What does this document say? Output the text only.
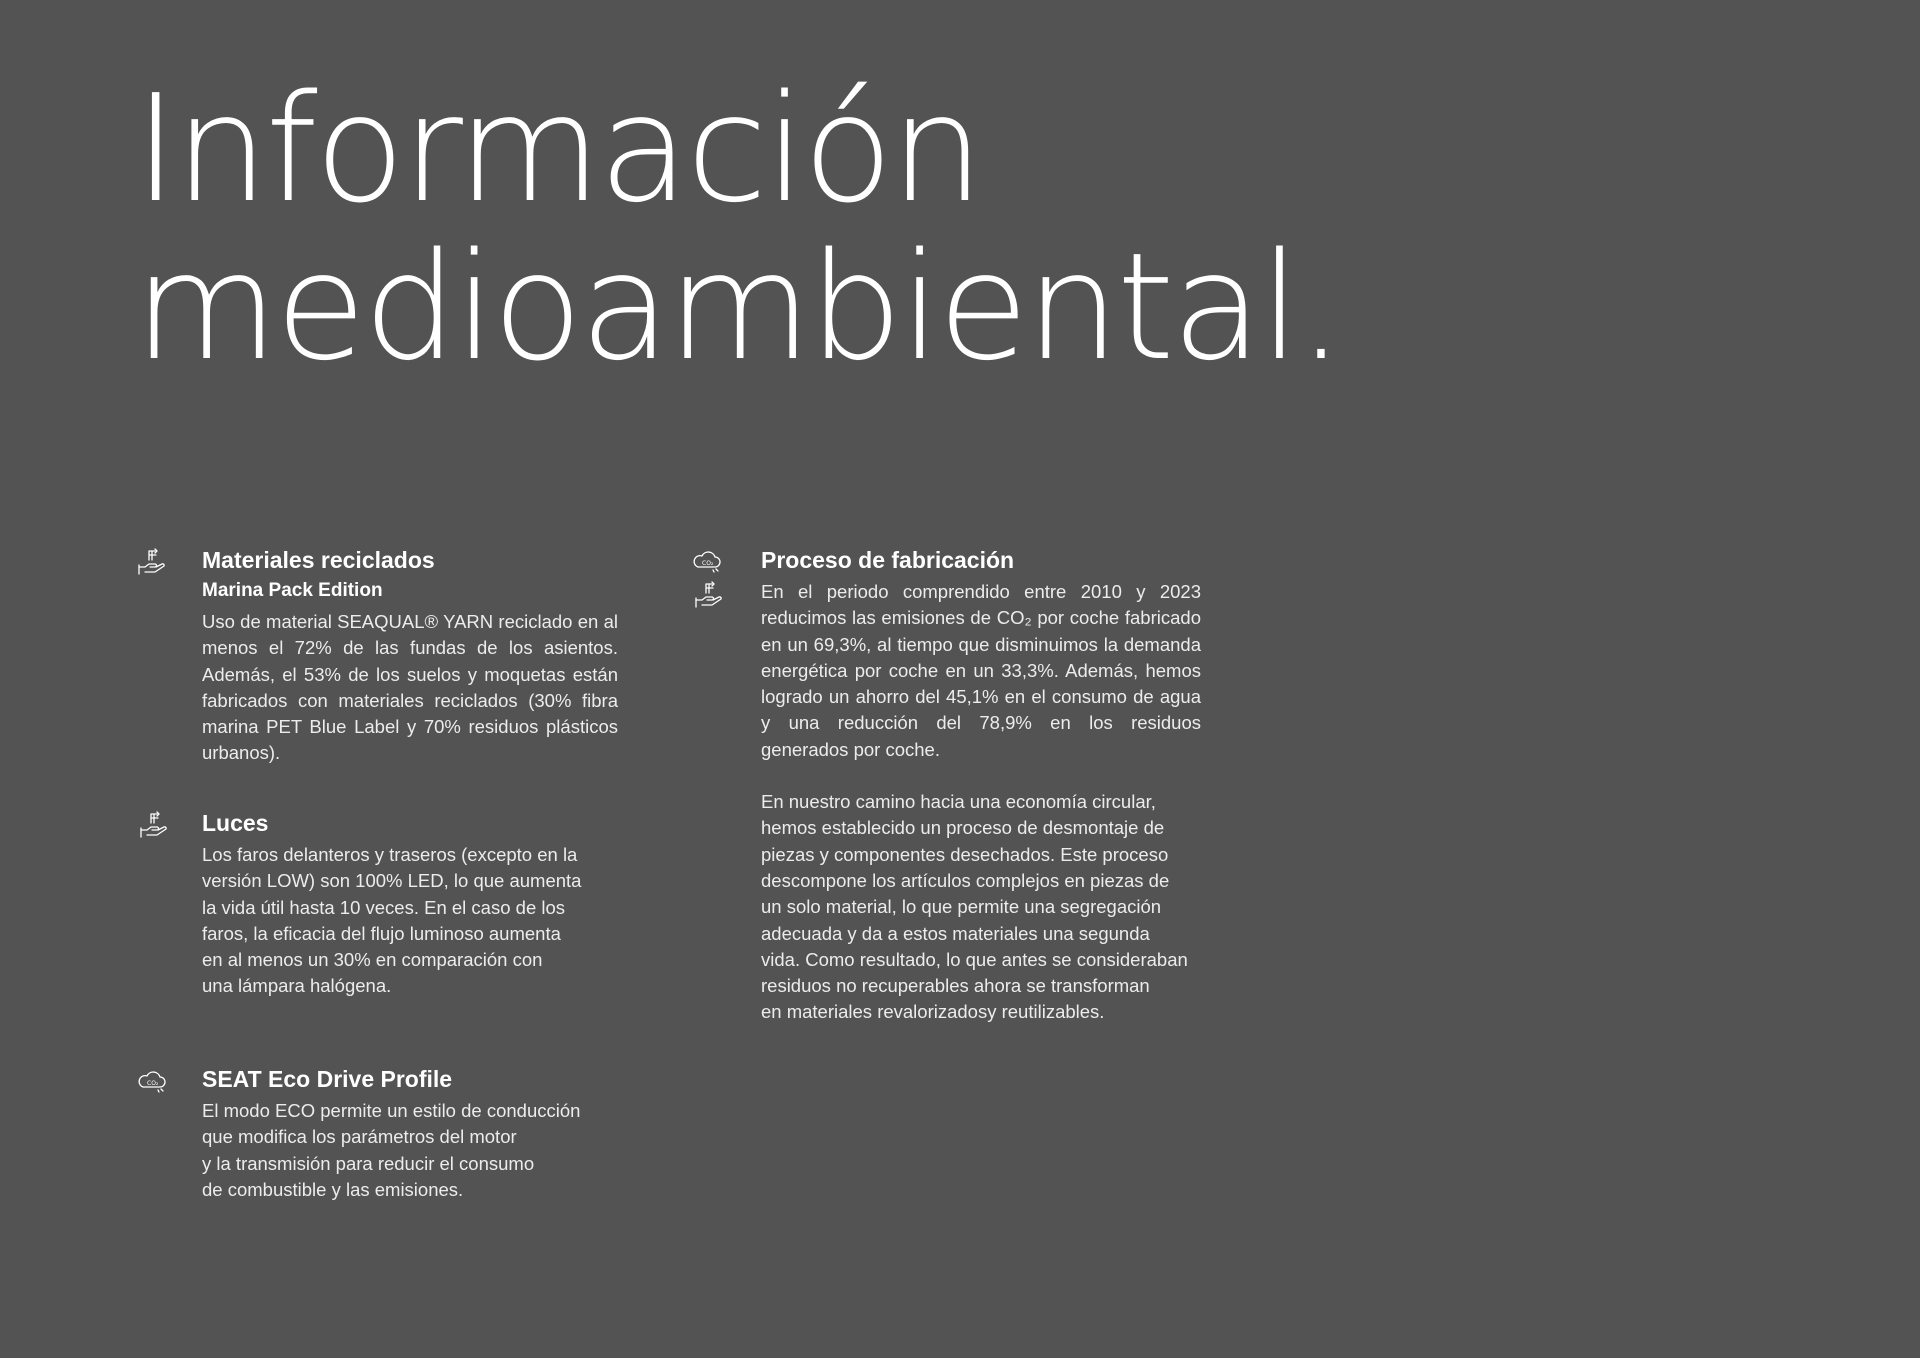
Información
medioambiental.
CO₂
CO₂
Materiales reciclados
Marina Pack Edition

Uso de material SEAQUAL® YARN reciclado en al menos el 72% de las fundas de los asientos. Además, el 53% de los suelos y moquetas están fabricados con materiales reciclados (30% fibra marina PET Blue Label y 70% residuos plásticos urbanos).

Luces

Los faros delanteros y traseros (excepto en la
versión LOW) son 100% LED, lo que aumenta
la vida útil hasta 10 veces. En el caso de los
faros, la eficacia del flujo luminoso aumenta
en al menos un 30% en comparación con
una lámpara halógena.

SEAT Eco Drive Profile

El modo ECO permite un estilo de conducción
que modifica los parámetros del motor
y la transmisión para reducir el consumo
de combustible y las emisiones.

Proceso de fabricación

En el periodo comprendido entre 2010 y 2023 reducimos las emisiones de CO₂ por coche fabricado en un 69,3%, al tiempo que disminuimos la demanda energética por coche en un 33,3%. Además, hemos logrado un ahorro del 45,1% en el consumo de agua y una reducción del 78,9% en los residuos generados por coche.

En nuestro camino hacia una economía circular,
hemos establecido un proceso de desmontaje de
piezas y componentes desechados. Este proceso
descompone los artículos complejos en piezas de
un solo material, lo que permite una segregación
adecuada y da a estos materiales una segunda
vida. Como resultado, lo que antes se consideraban
residuos no recuperables ahora se transforman
en materiales revalorizadosy reutilizables.
